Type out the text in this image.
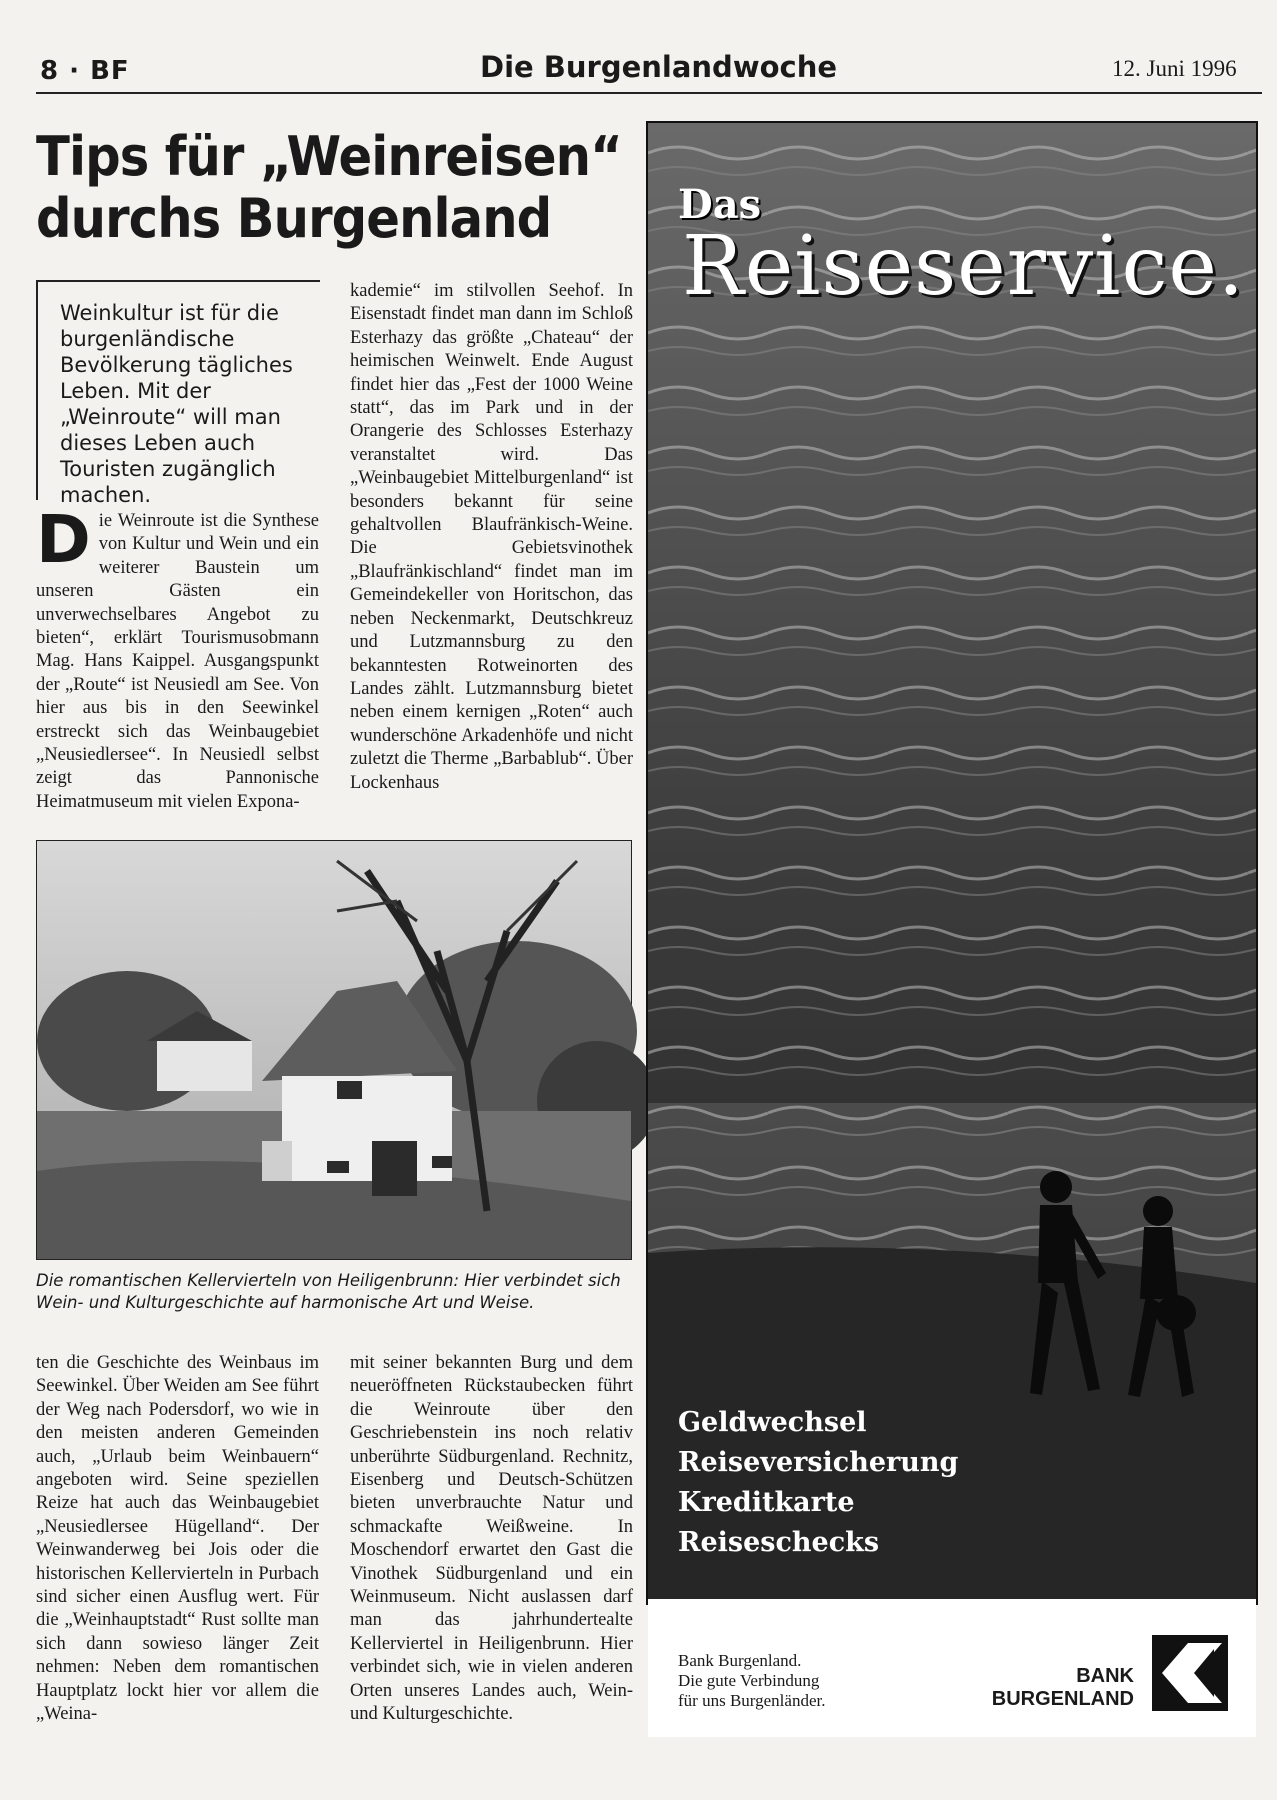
8 · BF	Die Burgenlandwoche	12. Juni 1996
Tips für „Weinreisen“
durchs Burgenland
Weinkultur ist für die burgenländische Bevölkerung tägliches Leben. Mit der „Weinroute“ will man dieses Leben auch Touristen zugänglich machen.
D ie Weinroute ist die Synthese von Kultur und Wein und ein weiterer Baustein um unseren Gästen ein unverwechselbares Angebot zu bieten“, erklärt Tourismusobmann Mag. Hans Kaippel. Ausgangspunkt der „Route“ ist Neusiedl am See. Von hier aus bis in den Seewinkel erstreckt sich das Weinbaugebiet „Neusiedlersee“. In Neusiedl selbst zeigt das Pannonische Heimatmuseum mit vielen Expona-
kademie“ im stilvollen Seehof. In Eisenstadt findet man dann im Schloß Esterhazy das größte „Chateau“ der heimischen Weinwelt. Ende August findet hier das „Fest der 1000 Weine statt“, das im Park und in der Orangerie des Schlosses Esterhazy veranstaltet wird. Das „Weinbaugebiet Mittelburgenland“ ist besonders bekannt für seine gehaltvollen Blaufränkisch-Weine. Die Gebietsvinothek „Blaufränkischland“ findet man im Gemeindekeller von Horitschon, das neben Neckenmarkt, Deutschkreuz und Lutzmannsburg zu den bekanntesten Rotweinorten des Landes zählt. Lutzmannsburg bietet neben einem kernigen „Roten“ auch wunderschöne Arkadenhöfe und nicht zuletzt die Therme „Barbablub“. Über Lockenhaus
Die romantischen Kellervierteln von Heiligenbrunn: Hier verbindet sich Wein- und Kulturgeschichte auf harmonische Art und Weise.
ten die Geschichte des Weinbaus im Seewinkel. Über Weiden am See führt der Weg nach Podersdorf, wo wie in den meisten anderen Gemeinden auch, „Urlaub beim Weinbauern“ angeboten wird. Seine speziellen Reize hat auch das Weinbaugebiet „Neusiedlersee Hügelland“. Der Weinwanderweg bei Jois oder die historischen Kellervierteln in Purbach sind sicher einen Ausflug wert. Für die „Weinhauptstadt“ Rust sollte man sich dann sowieso länger Zeit nehmen: Neben dem romantischen Hauptplatz lockt hier vor allem die „Weina-
mit seiner bekannten Burg und dem neueröffneten Rückstaubecken führt die Weinroute über den Geschriebenstein ins noch relativ unberührte Südburgenland. Rechnitz, Eisenberg und Deutsch-Schützen bieten unverbrauchte Natur und schmackafte Weißweine. In Moschendorf erwartet den Gast die Vinothek Südburgenland und ein Weinmuseum. Nicht auslassen darf man das jahrhundertealte Kellerviertel in Heiligenbrunn. Hier verbindet sich, wie in vielen anderen Orten unseres Landes auch, Wein- und Kulturgeschichte.
Das
Reiseservice.
Geldwechsel
Reiseversicherung
Kreditkarte
Reiseschecks
Bank Burgenland.
Die gute Verbindung
für uns Burgenländer.
BANK
BURGENLAND
